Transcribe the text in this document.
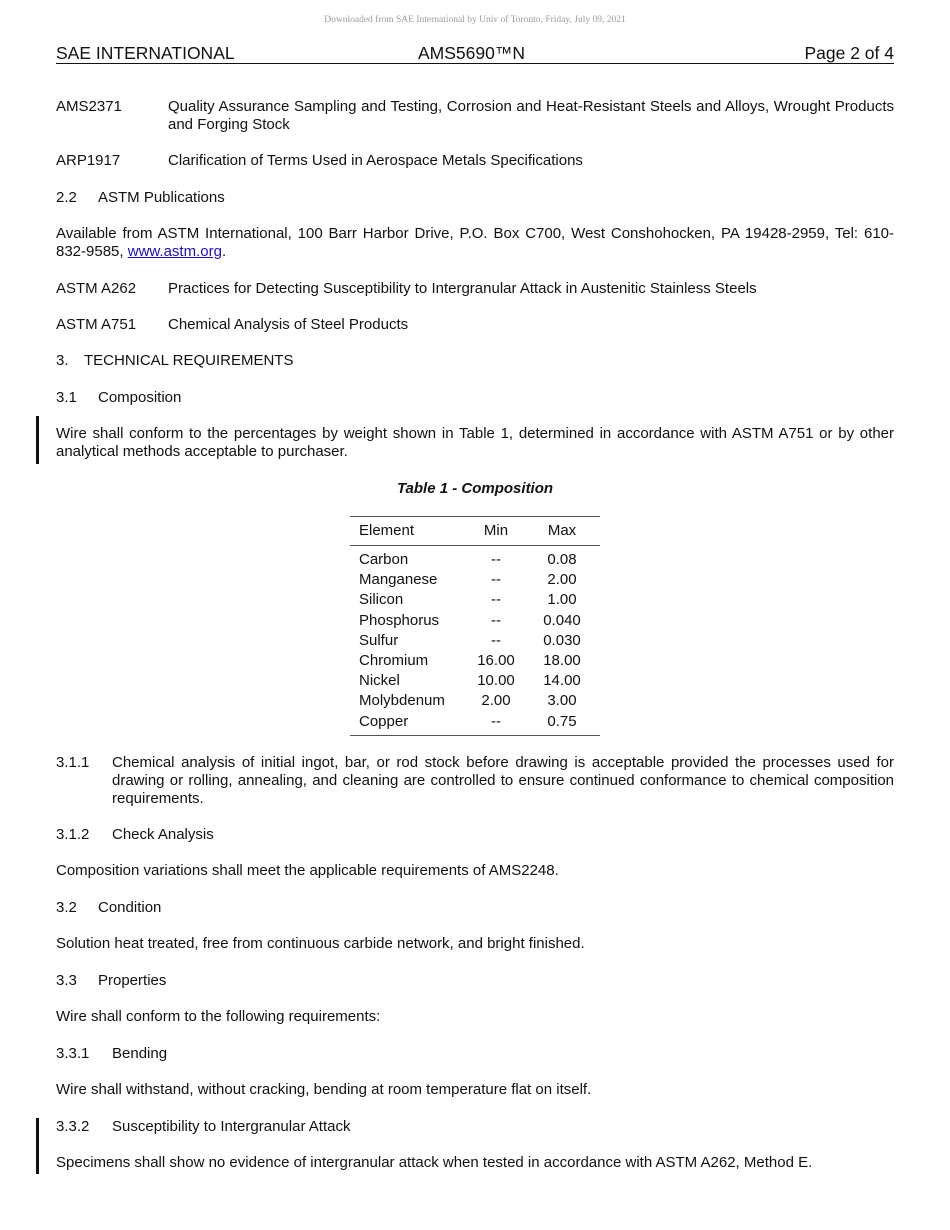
Downloaded from SAE International by Univ of Toronto, Friday, July 09, 2021
SAE INTERNATIONAL	AMS5690™N	Page 2 of 4
AMS2371	Quality Assurance Sampling and Testing, Corrosion and Heat-Resistant Steels and Alloys, Wrought Products and Forging Stock
ARP1917	Clarification of Terms Used in Aerospace Metals Specifications
2.2 ASTM Publications
Available from ASTM International, 100 Barr Harbor Drive, P.O. Box C700, West Conshohocken, PA 19428-2959, Tel: 610-832-9585, www.astm.org.
ASTM A262 Practices for Detecting Susceptibility to Intergranular Attack in Austenitic Stainless Steels
ASTM A751 Chemical Analysis of Steel Products
3. TECHNICAL REQUIREMENTS
3.1 Composition
Wire shall conform to the percentages by weight shown in Table 1, determined in accordance with ASTM A751 or by other analytical methods acceptable to purchaser.
Table 1 - Composition
Element	Min	Max
Carbon	--	0.08
Manganese	--	2.00
Silicon	--	1.00
Phosphorus	--	0.040
Sulfur	--	0.030
Chromium	16.00	18.00
Nickel	10.00	14.00
Molybdenum	2.00	3.00
Copper	--	0.75
3.1.1 Chemical analysis of initial ingot, bar, or rod stock before drawing is acceptable provided the processes used for drawing or rolling, annealing, and cleaning are controlled to ensure continued conformance to chemical composition requirements.
3.1.2 Check Analysis
Composition variations shall meet the applicable requirements of AMS2248.
3.2 Condition
Solution heat treated, free from continuous carbide network, and bright finished.
3.3 Properties
Wire shall conform to the following requirements:
3.3.1 Bending
Wire shall withstand, without cracking, bending at room temperature flat on itself.
3.3.2 Susceptibility to Intergranular Attack
Specimens shall show no evidence of intergranular attack when tested in accordance with ASTM A262, Method E.
